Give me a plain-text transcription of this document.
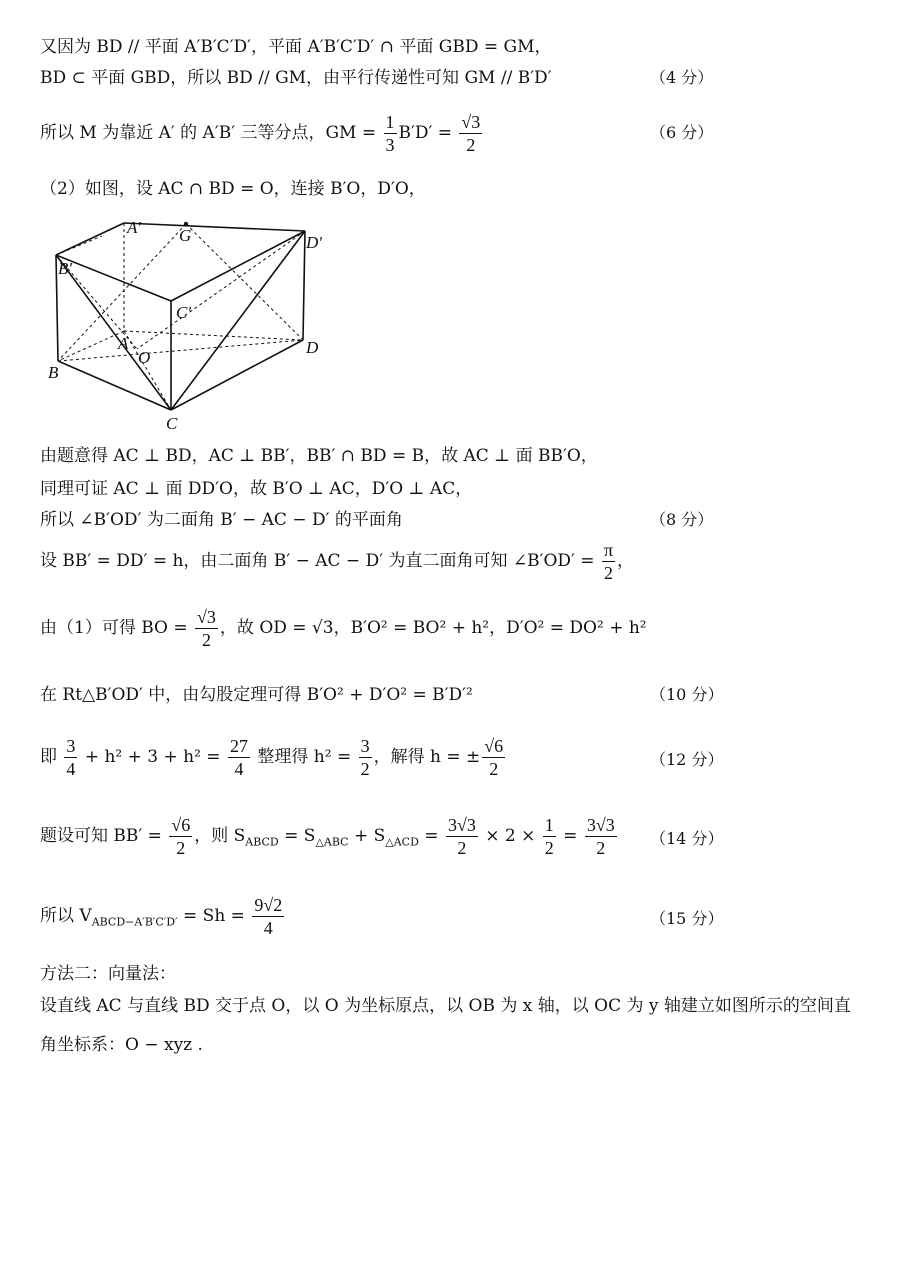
又因为 BD // 平面 A′B′C′D′，平面 A′B′C′D′ ∩ 平面 GBD = GM，
BD ⊂ 平面 GBD，所以 BD // GM，由平行传递性可知 GM // B′D′	（4 分）
所以 M 为靠近 A′ 的 A′B′ 三等分点，GM = $\frac{1}{3} B'D' = \frac{√3}{2}$	（6 分）
（2）如图，设 AC ∩ BD = O，连接 B′O，D′O，
A′ G	D′
B′
C′
A
O
D
B
C
由题意得 AC ⊥ BD，AC ⊥ BB′，BB′ ∩ BD = B，故 AC ⊥ 面 BB′O，
同理可证 AC ⊥ 面 DD′O，故 B′O ⊥ AC，D′O ⊥ AC，
所以 ∠B′OD′ 为二面角 B′ − AC − D′ 的平面角	（8 分）
设 BB′ = DD′ = h，由二面角 B′ − AC − D′ 为直二面角可知 ∠B′OD′ = $\frac{\pi}{2}$ ，
由（1）可得 BO = $\frac{√3}{2}$ ，故 OD = √3，B′O² = BO² + h²，D′O² = DO² + h²
在 Rt△B′OD′ 中，由勾股定理可得 B′O² + D′O² = B′D′²	（10 分）
即 $\frac{3}{4} + h^2 + 3 + h^2 = \frac{27}{4}$ 整理得 $h^2 = \frac{3}{2}$ ，解得 h = ± $\frac{√6}{2}$	（12 分）
题设可知 $BB' = \frac{√6}{2}$ ，则 $S_{ABCD} = S_{\triangle ABC} + S_{\triangle ACD} = \frac{3√3}{2} \times 2 \times \frac{1}{2} = \frac{3√3}{2} (14$ 分）
所以 $V_{ABCD-A'B'C'D'} = Sh = \frac{9√2}{4}$	（15 分）
方法二：向量法：
设直线 AC 与直线 BD 交于点 O，以 O 为坐标原点，以 OB 为 x 轴，以 OC 为 y 轴建立如图所示的空间直
角坐标系：O − xyz .
